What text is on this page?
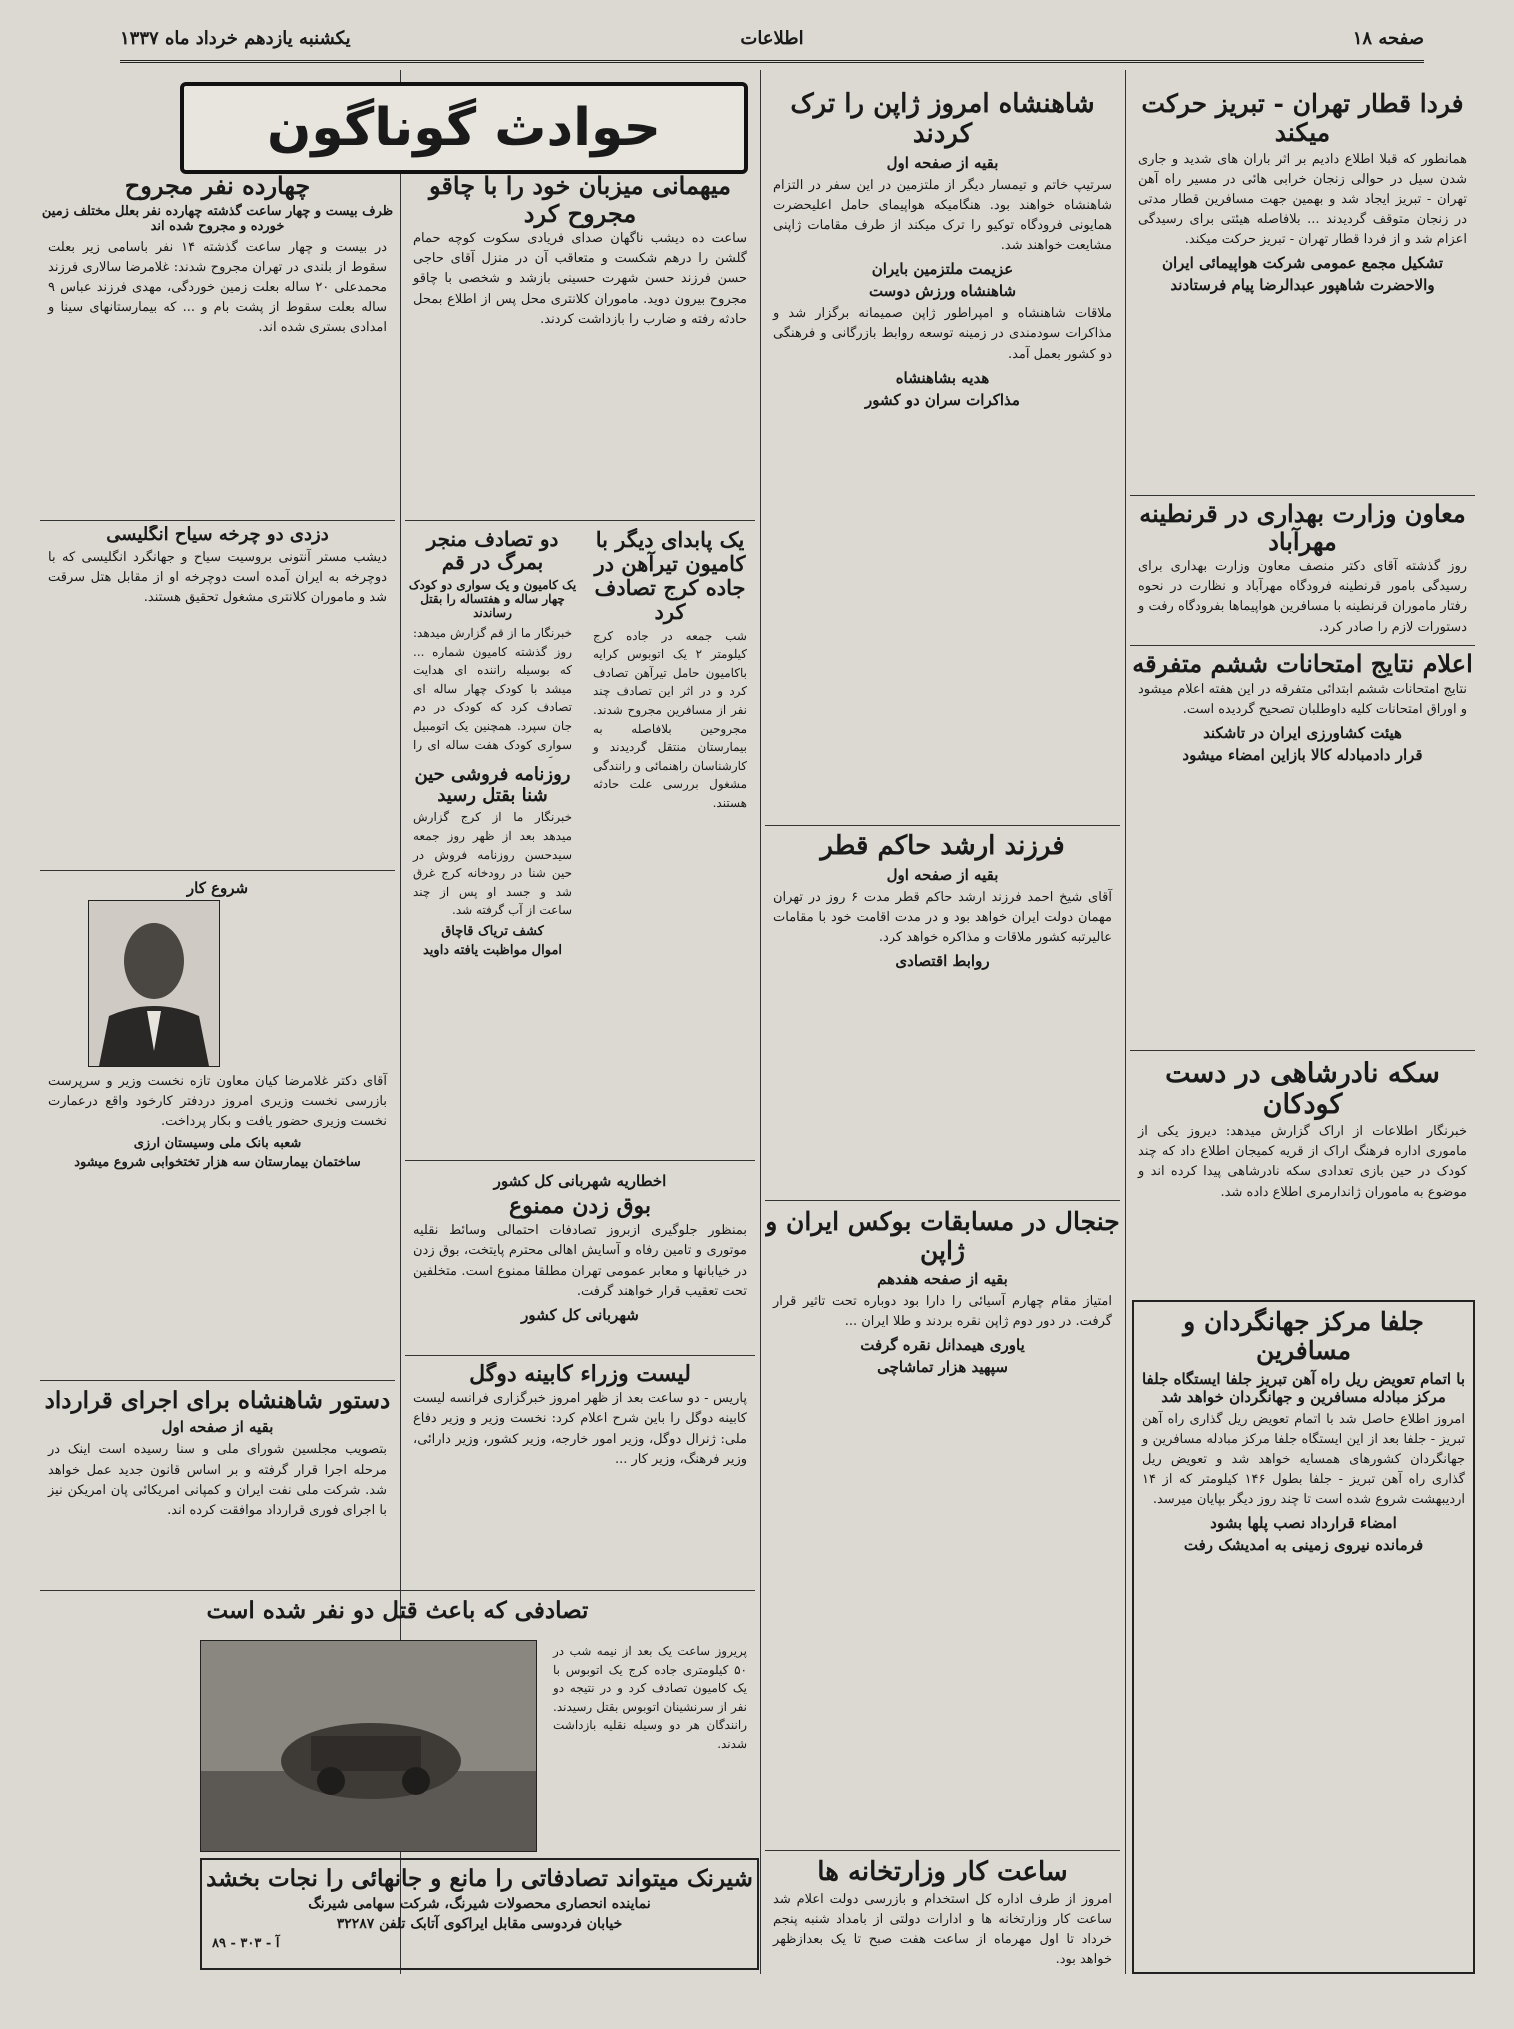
صفحه ۱۸
اطلاعات
یکشنبه یازدهم خرداد ماه ۱۳۳۷
حوادث گوناگون	فردا قطار تهران - تبریز حرکت میکند

همانطور که قبلا اطلاع دادیم بر اثر باران های شدید و جاری شدن سیل در حوالی زنجان خرابی هائی در مسیر راه آهن تهران - تبریز ایجاد شد و بهمین جهت مسافرین قطار مدتی در زنجان متوقف گردیدند ... بلافاصله هیئتی برای رسیدگی اعزام شد و از فردا قطار تهران - تبریز حرکت میکند.

تشکیل مجمع عمومی شرکت هواپیمائی ایران

والاحضرت شاهپور عبدالرضا پیام فرستادند

معاون وزارت بهداری در قرنطینه مهرآباد

روز گذشته آقای دکتر منصف معاون وزارت بهداری برای رسیدگی بامور قرنطینه فرودگاه مهرآباد و نظارت در نحوه رفتار ماموران قرنطینه با مسافرین هواپیماها بفرودگاه رفت و دستورات لازم را صادر کرد.

اعلام نتایج امتحانات ششم متفرقه

نتایج امتحانات ششم ابتدائی متفرقه در این هفته اعلام میشود و اوراق امتحانات کلیه داوطلبان تصحیح گردیده است.

هیئت کشاورزی ایران در تاشکند

قرار دادمبادله کالا بازاین امضاء میشود

سکه نادرشاهی در دست کودکان

خبرنگار اطلاعات از اراک گزارش میدهد: دیروز یکی از ماموری اداره فرهنگ اراک از قریه کمیجان اطلاع داد که چند کودک در حین بازی تعدادی سکه نادرشاهی پیدا کرده اند و موضوع به ماموران ژاندارمری اطلاع داده شد.

جلفا مرکز جهانگردان و مسافرین

با اتمام تعویض ریل راه آهن تبریز جلفا ایستگاه جلفا مرکز مبادله مسافرین و جهانگردان خواهد شد

امروز اطلاع حاصل شد با اتمام تعویض ریل گذاری راه آهن تبریز - جلفا بعد از این ایستگاه جلفا مرکز مبادله مسافرین و جهانگردان کشورهای همسایه خواهد شد و تعویض ریل گذاری راه آهن تبریز - جلفا بطول ۱۴۶ کیلومتر که از ۱۴ اردیبهشت شروع شده است تا چند روز دیگر بپایان میرسد.

امضاء قرارداد نصب پلها بشود

فرمانده نیروی زمینی به امدیشک رفت

شاهنشاه امروز ژاپن را ترک کردند

بقیه از صفحه اول

سرتیپ خاتم و تیمسار دیگر از ملتزمین در این سفر در التزام شاهنشاه خواهند بود. هنگامیکه هواپیمای حامل اعلیحضرت همایونی فرودگاه توکیو را ترک میکند از طرف مقامات ژاپنی مشایعت خواهند شد.

عزیمت ملتزمین بایران

شاهنشاه ورزش دوست

ملاقات شاهنشاه و امپراطور ژاپن صمیمانه برگزار شد و مذاکرات سودمندی در زمینه توسعه روابط بازرگانی و فرهنگی دو کشور بعمل آمد.

هدیه بشاهنشاه

مذاکرات سران دو کشور

فرزند ارشد حاکم قطر

بقیه از صفحه اول

آقای شیخ احمد فرزند ارشد حاکم قطر مدت ۶ روز در تهران مهمان دولت ایران خواهد بود و در مدت اقامت خود با مقامات عالیرتبه کشور ملاقات و مذاکره خواهد کرد.

روابط اقتصادی

جنجال در مسابقات بوکس ایران و ژاپن

بقیه از صفحه هفدهم

امتیاز مقام چهارم آسیائی را دارا بود دوباره تحت تاثیر قرار گرفت. در دور دوم ژاپن نقره بردند و طلا ایران ...

یاوری هیمدانل نقره گرفت

سپهید هزار تماشاچی

ساعت کار وزارتخانه ها

امروز از طرف اداره کل استخدام و بازرسی دولت اعلام شد ساعت کار وزارتخانه ها و ادارات دولتی از بامداد شنبه پنجم خرداد تا اول مهرماه از ساعت هفت صبح تا یک بعدازظهر خواهد بود.

میهمانی میزبان خود را با چاقو مجروح کرد

ساعت ده دیشب ناگهان صدای فریادی سکوت کوچه حمام گلشن را درهم شکست و متعاقب آن در منزل آقای حاجی حسن فرزند حسن شهرت حسینی بازشد و شخصی با چاقو مجروح بیرون دوید. ماموران کلانتری محل پس از اطلاع بمحل حادثه رفته و ضارب را بازداشت کردند.

یک پابدای دیگر با کامیون تیرآهن در جاده کرج تصادف کرد

شب جمعه در جاده کرج کیلومتر ۲ یک اتوبوس کرایه باکامیون حامل تیرآهن تصادف کرد و در اثر این تصادف چند نفر از مسافرین مجروح شدند. مجروحین بلافاصله به بیمارستان منتقل گردیدند و کارشناسان راهنمائی و رانندگی مشغول بررسی علت حادثه هستند.

دو تصادف منجر بمرگ در قم

یک کامیون و یک سواری دو کودک چهار ساله و هفتساله را بقتل رساندند

خبرنگار ما از قم گزارش میدهد: روز گذشته کامیون شماره ... که بوسیله راننده ای هدایت میشد با کودک چهار ساله ای تصادف کرد که کودک در دم جان سپرد. همچنین یک اتومبیل سواری کودک هفت ساله ای را

روزنامه فروشی حین شنا بقتل رسید

خبرنگار ما از کرج گزارش میدهد بعد از ظهر روز جمعه سیدحسن روزنامه فروش در حین شنا در رودخانه کرج غرق شد و جسد او پس از چند ساعت از آب گرفته شد.

کشف تریاک قاچاق

اموال مواظبت یافته داوید

اخطاریه شهربانی کل کشور

بوق زدن ممنوع

بمنظور جلوگیری ازبروز تصادفات احتمالی وسائط نقلیه موتوری و تامین رفاه و آسایش اهالی محترم پایتخت، بوق زدن در خیابانها و معابر عمومی تهران مطلقا ممنوع است. متخلفین تحت تعقیب قرار خواهند گرفت.

شهربانی کل کشور

لیست وزراء کابینه دوگل

پاریس - دو ساعت بعد از ظهر امروز خبرگزاری فرانسه لیست کابینه دوگل را باین شرح اعلام کرد: نخست وزیر و وزیر دفاع ملی: ژنرال دوگل، وزیر امور خارجه، وزیر کشور، وزیر دارائی، وزیر فرهنگ، وزیر کار ...

تصادفی که باعث قتل دو نفر شده است

پریروز ساعت یک بعد از نیمه شب در ۵۰ کیلومتری جاده کرج یک اتوبوس با یک کامیون تصادف کرد و در نتیجه دو نفر از سرنشینان اتوبوس بقتل رسیدند. رانندگان هر دو وسیله نقلیه بازداشت شدند.

چهارده نفر مجروح

ظرف بیست و چهار ساعت گذشته چهارده نفر بعلل مختلف زمین خورده و مجروح شده اند

در بیست و چهار ساعت گذشته ۱۴ نفر باسامی زیر بعلت سقوط از بلندی در تهران مجروح شدند: غلامرضا سالاری فرزند محمدعلی ۲۰ ساله بعلت زمین خوردگی، مهدی فرزند عباس ۹ ساله بعلت سقوط از پشت بام و ... که بیمارستانهای سینا و امدادی بستری شده اند.

دزدی دو چرخه سیاح انگلیسی

دیشب مستر آنتونی بروسیت سیاح و جهانگرد انگلیسی که با دوچرخه به ایران آمده است دوچرخه او از مقابل هتل سرقت شد و ماموران کلانتری مشغول تحقیق هستند.

شروع کار

آقای دکتر غلامرضا کیان معاون تازه نخست وزیر و سرپرست بازرسی نخست وزیری امروز دردفتر کارخود واقع درعمارت نخست وزیری حضور یافت و بکار پرداخت.

شعبه بانک ملی وسیستان ارزی

ساختمان بیمارستان سه هزار تختخوابی شروع میشود

دستور شاهنشاه برای اجرای قرارداد

بقیه از صفحه اول

بتصویب مجلسین شورای ملی و سنا رسیده است اینک در مرحله اجرا قرار گرفته و بر اساس قانون جدید عمل خواهد شد. شرکت ملی نفت ایران و کمپانی امریکائی پان امریکن نیز با اجرای فوری قرارداد موافقت کرده اند.

شیرنک میتواند تصادفاتی را مانع و جانهائی را نجات بخشد

نماینده انحصاری محصولات شیرنگ، شرکت سهامی شیرنگ

خیابان فردوسی مقابل ایراکوی آتابک تلفن ۳۲۲۸۷

آ - ۳۰۳ - ۸۹
